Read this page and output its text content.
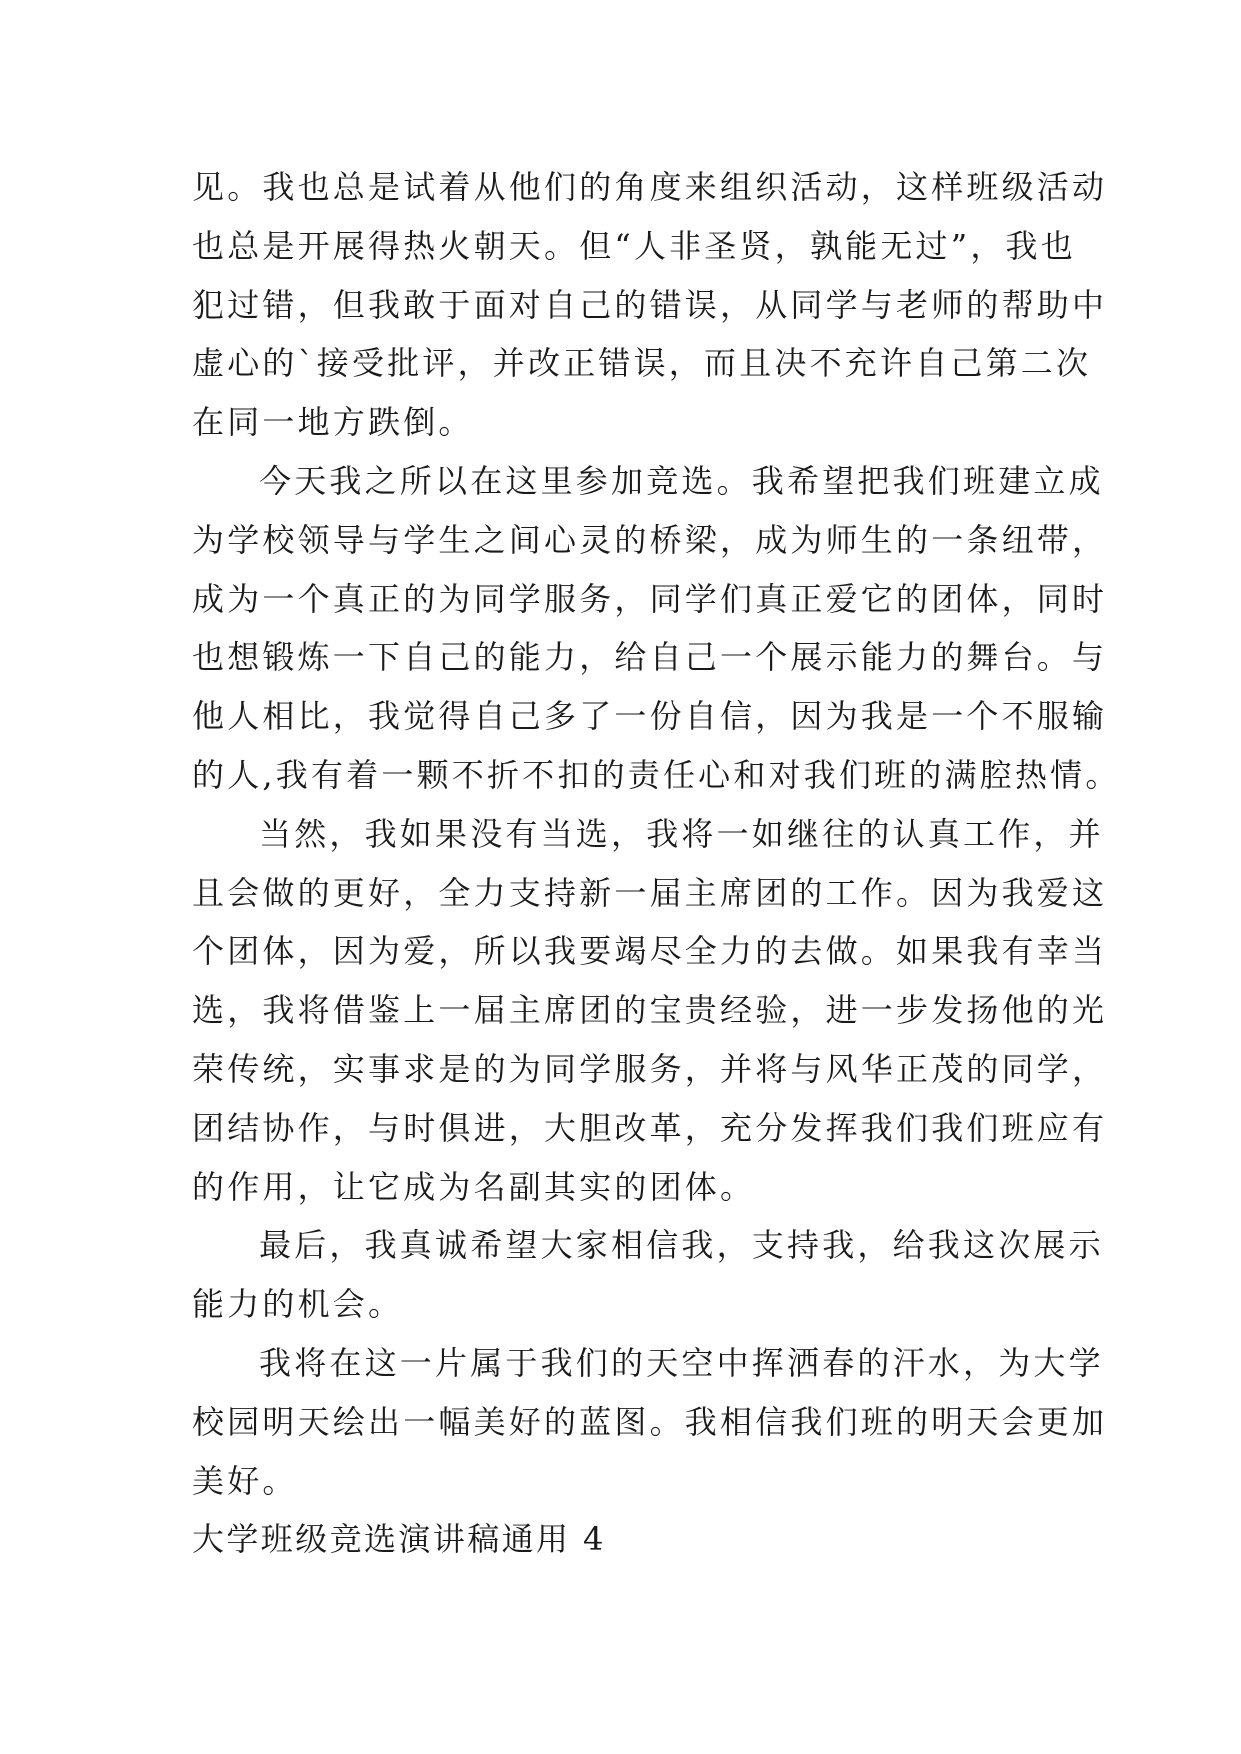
见。我也总是试着从他们的角度来组织活动，这样班级活动
也总是开展得热火朝天。但“人非圣贤，孰能无过”，我也
犯过错，但我敢于面对自己的错误，从同学与老师的帮助中
虚心的`接受批评，并改正错误，而且决不充许自己第二次
在同一地方跌倒。
今天我之所以在这里参加竞选。我希望把我们班建立成
为学校领导与学生之间心灵的桥梁，成为师生的一条纽带，
成为一个真正的为同学服务，同学们真正爱它的团体，同时
也想锻炼一下自己的能力，给自己一个展示能力的舞台。与
他人相比，我觉得自己多了一份自信，因为我是一个不服输
的人,我有着一颗不折不扣的责任心和对我们班的满腔热情。
当然，我如果没有当选，我将一如继往的认真工作，并
且会做的更好，全力支持新一届主席团的工作。因为我爱这
个团体，因为爱，所以我要竭尽全力的去做。如果我有幸当
选，我将借鉴上一届主席团的宝贵经验，进一步发扬他的光
荣传统，实事求是的为同学服务，并将与风华正茂的同学，
团结协作，与时俱进，大胆改革，充分发挥我们我们班应有
的作用，让它成为名副其实的团体。
最后，我真诚希望大家相信我，支持我，给我这次展示
能力的机会。
我将在这一片属于我们的天空中挥洒春的汗水，为大学
校园明天绘出一幅美好的蓝图。我相信我们班的明天会更加
美好。
大学班级竞选演讲稿通用 4
